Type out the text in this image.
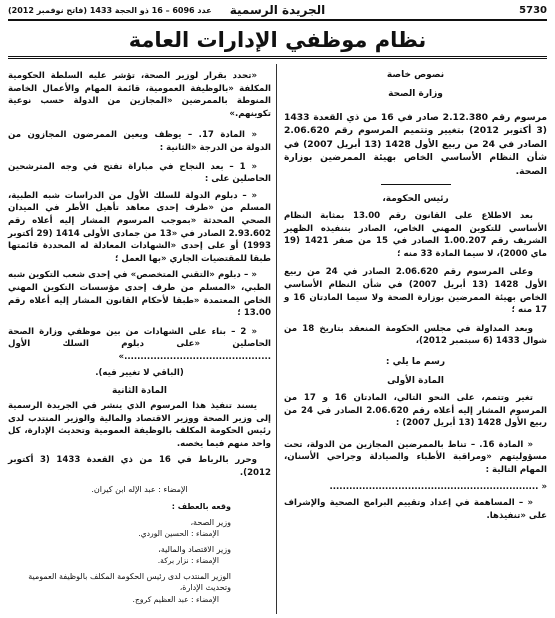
5730
الجريدة الرسمية
عدد 6096 – 16 ذو الحجة 1433 (فاتح نوفمبر 2012)
نظام موظفي الإدارات العامة
نصوص خاصة
وزارة الصحة

مرسوم رقم 2.12.380 صادر في 16 من ذي القعدة 1433 (3 أكتوبر 2012) بتغيير وتتميم المرسوم رقم 2.06.620 الصادر في 24 من ربيع الأول 1428 (13 أبريل 2007) في شأن النظام الأساسي الخاص بهيئة الممرضين بوزارة الصحة.

رئيس الحكومة،

بعد الاطلاع على القانون رقم 13.00 بمثابة النظام الأساسي للتكوين المهني الخاص، الصادر بتنفيذه الظهير الشريف رقم 1.00.207 الصادر في 15 من صفر 1421 (19 ماي 2000)، لا سيما المادة 33 منه ؛

وعلى المرسوم رقم 2.06.620 الصادر في 24 من ربيع الأول 1428 (13 أبريل 2007) في شأن النظام الأساسي الخاص بهيئة الممرضين بوزارة الصحة ولا سيما المادتان 16 و 17 منه ؛

وبعد المداولة في مجلس الحكومة المنعقد بتاريخ 18 من شوال 1433 (6 سبتمبر 2012)،

رسم ما يلي :
المادة الأولى

تغير وتتمم، على النحو التالي، المادتان 16 و 17 من المرسوم المشار إليه أعلاه رقم 2.06.620 الصادر في 24 من ربيع الأول 1428 (13 أبريل 2007) :

« المادة 16. – تناط بالممرضين المجازين من الدولة، تحت مسؤوليتهم «ومراقبة الأطباء والصيادلة وجراحي الأسنان، المهام التالية :

« ................................................................

« – المساهمة في إعداد وتقييم البرامج الصحية والإشراف على «تنفيذها.

«تحدد بقرار لوزير الصحة، تؤشر عليه السلطة الحكومية المكلفة «بالوظيفة العمومية، قائمة المهام والأعمال الخاصة المنوطة بالممرضين «المجازين من الدولة حسب نوعية تكوينهم.»

« المادة 17. – يوظف ويعين الممرضون المجازون من الدولة من الدرجة «الثانية :

« 1 – بعد النجاح في مباراة تفتح في وجه المترشحين الحاصلين على :

« – دبلوم الدولة للسلك الأول من الدراسات شبه الطبية، المسلم من «طرف إحدى معاهد تأهيل الأطر في الميدان الصحي المحدثة «بموجب المرسوم المشار إليه أعلاه رقم 2.93.602 الصادر في «13 من جمادى الأولى 1414 (29 أكتوبر 1993) أو على إحدى «الشهادات المعادلة له المحددة قائمتها طبقا للمقتضيات الجاري «بها العمل ؛

« – دبلوم «التقني المتخصص» في إحدى شعب التكوين شبه الطبي، «المسلم من طرف إحدى مؤسسات التكوين المهني الخاص المعتمدة «طبقا لأحكام القانون المشار إليه أعلاه رقم 13.00 ؛

« 2 – بناء على الشهادات من بين موظفي وزارة الصحة الحاصلين «على دبلوم السلك الأول .............................................»

(الباقي لا تغيير فيه).

المادة الثانية

يسند تنفيذ هذا المرسوم الذي ينشر في الجريدة الرسمية إلى وزير الصحة ووزير الاقتصاد والمالية والوزير المنتدب لدى رئيس الحكومة المكلف بالوظيفة العمومية وتحديث الإدارة، كل واحد منهم فيما يخصه.

وحرر بالرباط في 16 من ذي القعدة 1433 (3 أكتوبر 2012).

الإمضاء : عبد الإله ابن كيران.

وقعه بالعطف :
وزير الصحة،
الإمضاء : الحسين الوردي.
وزير الاقتصاد والمالية،
الإمضاء : نزار بركة.
الوزير المنتدب لدى رئيس الحكومة المكلف بالوظيفة العمومية وتحديث الإدارة،
الإمضاء : عبد العظيم كروج.
